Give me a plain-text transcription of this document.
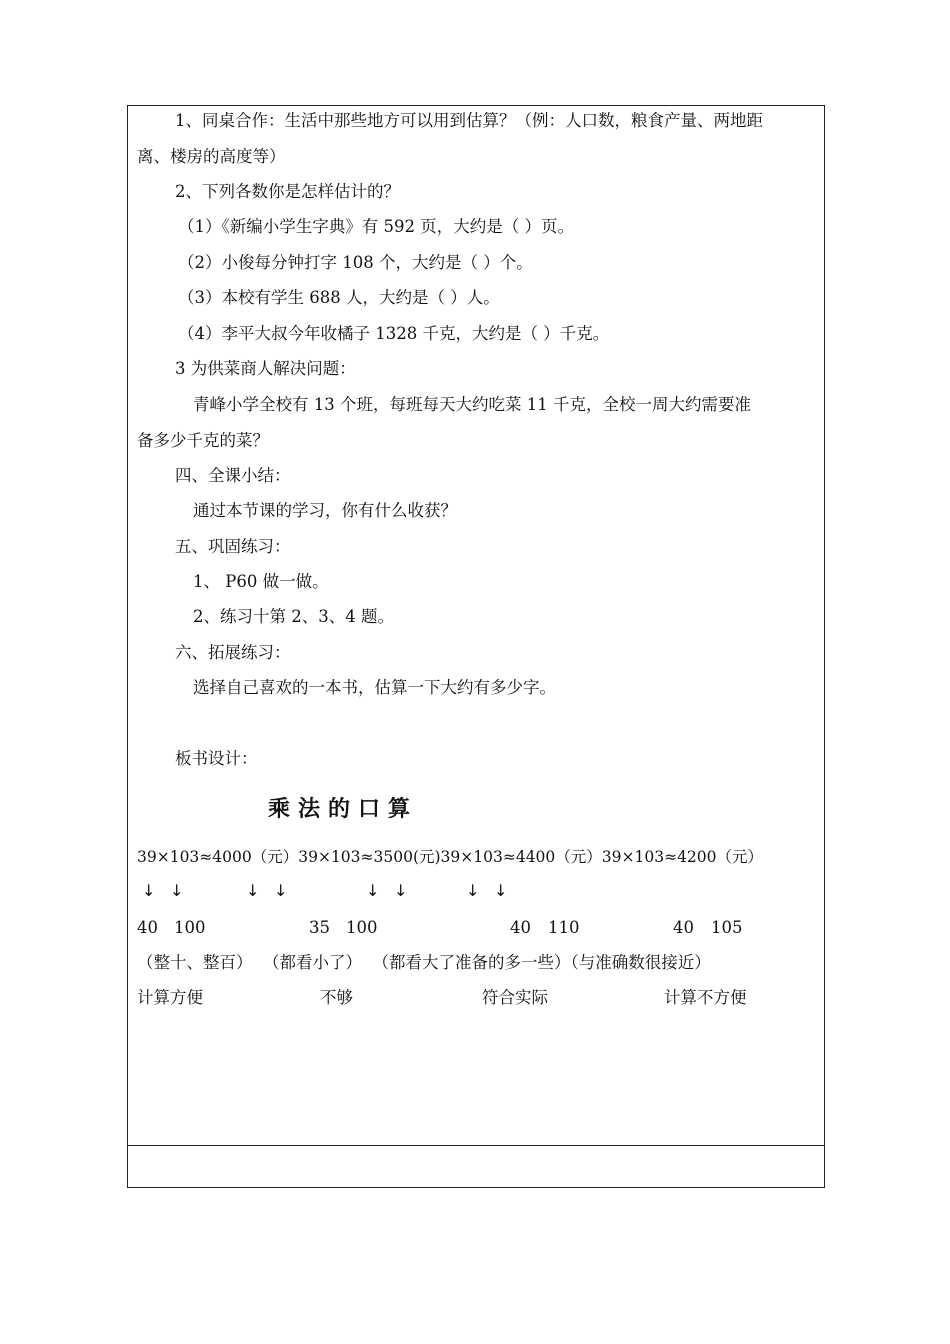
1、同桌合作：生活中那些地方可以用到估算？（例：人口数，粮食产量、两地距
离、楼房的高度等）
2、下列各数你是怎样估计的？
（1）《新编小学生字典》有 592 页，大约是（ ）页。
（2）小俊每分钟打字 108 个，大约是（ ）个。
（3）本校有学生 688 人，大约是（ ）人。
（4）李平大叔今年收橘子 1328 千克，大约是（ ）千克。
3 为供菜商人解决问题：
青峰小学全校有 13 个班，每班每天大约吃菜 11 千克，全校一周大约需要准
备多少千克的菜？
四、全课小结：
通过本节课的学习，你有什么收获？
五、巩固练习：
1、 P60 做一做。
2、练习十第 2、3、4 题。
六、拓展练习：
选择自己喜欢的一本书，估算一下大约有多少字。
板书设计：
乘法的口算
39×103≈4000（元）39×103≈3500(元)39×103≈4400（元）39×103≈4200（元）
↓ ↓	↓ ↓	↓ ↓	↓ ↓
40 100	35 100	40 110	40 105
（整十、整百）  （都看小了）  （都看大了准备的多一些）（与准确数很接近）
计算方便	不够	符合实际	计算不方便
